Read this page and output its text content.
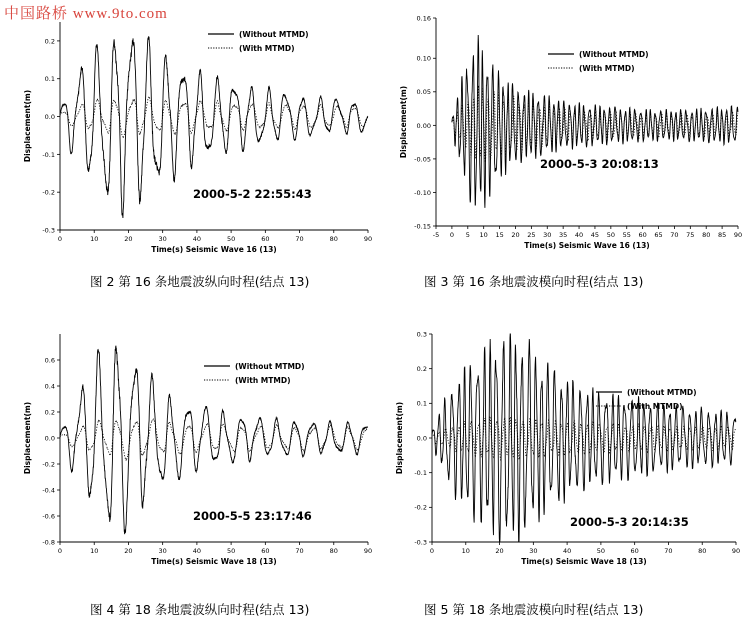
中国路桥 www.9to.com
0	10	20	30	40	50	60	70	80	90
-0.3
-0.2
-0.1
0.0
0.1
0.2
Time(s) Seismic Wave 16 (13)
Displacement(m)
(Without MTMD)
(With MTMD)
2000-5-2 22:55:43
图 2 第 16 条地震波纵向时程(结点 13)
-5 0 5 10 15 20 25 30 35 40 45 50 55 60 65 70 75 80 85 90
-0.15
-0.10
-0.05
0.00
0.05
0.10
0.16
Time(s) Seismic Wave 16 (13)
Displacement(m)
(Without MTMD)
(With MTMD)
2000-5-3 20:08:13
图 3 第 16 条地震波模向时程(结点 13)
0	10	20	30	40	50	60	70	80	90
-0.8
-0.6
-0.4
-0.2
0.0
0.2
0.4
0.6
Time(s) Seismic Wave 18 (13)
Displacement(m)
(Without MTMD)
(With MTMD)
2000-5-5 23:17:46
图 4 第 18 条地震波纵向时程(结点 13)
0	10	20	30	40	50	60	70	80	90
-0.3
-0.2
-0.1
0.0
0.1
0.2
0.3
Time(s) Seismic Wave 18 (13)
Displacement(m)
(Without MTMD)
(With MTMD)
2000-5-3 20:14:35
图 5 第 18 条地震波模向时程(结点 13)
